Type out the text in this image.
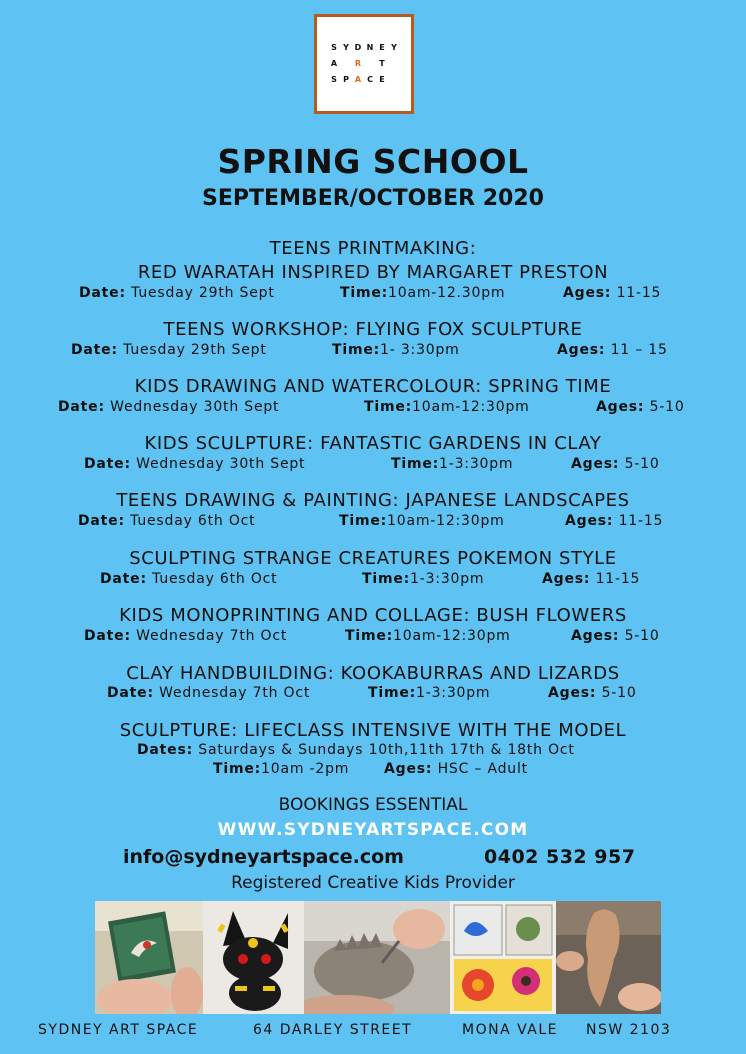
S Y D N E Y
A R T
S P A C E
SPRING SCHOOL
SEPTEMBER/OCTOBER 2020
TEENS PRINTMAKING:
RED WARATAH INSPIRED BY MARGARET PRESTON
Date: Tuesday 29th Sept	Time:10am-12.30pm	Ages: 11-15
TEENS WORKSHOP: FLYING FOX SCULPTURE
Date: Tuesday 29th Sept	Time:1- 3:30pm	Ages: 11 – 15
KIDS DRAWING AND WATERCOLOUR: SPRING TIME
Date: Wednesday 30th Sept	Time:10am-12:30pm	Ages: 5-10
KIDS SCULPTURE: FANTASTIC GARDENS IN CLAY
Date: Wednesday 30th Sept	Time:1-3:30pm	Ages: 5-10
TEENS DRAWING & PAINTING: JAPANESE LANDSCAPES
Date: Tuesday 6th Oct	Time:10am-12:30pm	Ages: 11-15
SCULPTING STRANGE CREATURES POKEMON STYLE
Date: Tuesday 6th Oct	Time:1-3:30pm	Ages: 11-15
KIDS MONOPRINTING AND COLLAGE: BUSH FLOWERS
Date: Wednesday 7th Oct	Time:10am-12:30pm	Ages: 5-10
CLAY HANDBUILDING: KOOKABURRAS AND LIZARDS
Date: Wednesday 7th Oct	Time:1-3:30pm	Ages: 5-10
SCULPTURE: LIFECLASS INTENSIVE WITH THE MODEL
Dates: Saturdays & Sundays 10th,11th 17th & 18th Oct
Time:10am -2pm Ages: HSC – Adult
BOOKINGS ESSENTIAL
WWW.SYDNEYARTSPACE.COM
info@sydneyartspace.com	0402 532 957
Registered Creative Kids Provider
SYDNEY ART SPACE	64 DARLEY STREET	MONA VALE NSW 2103
